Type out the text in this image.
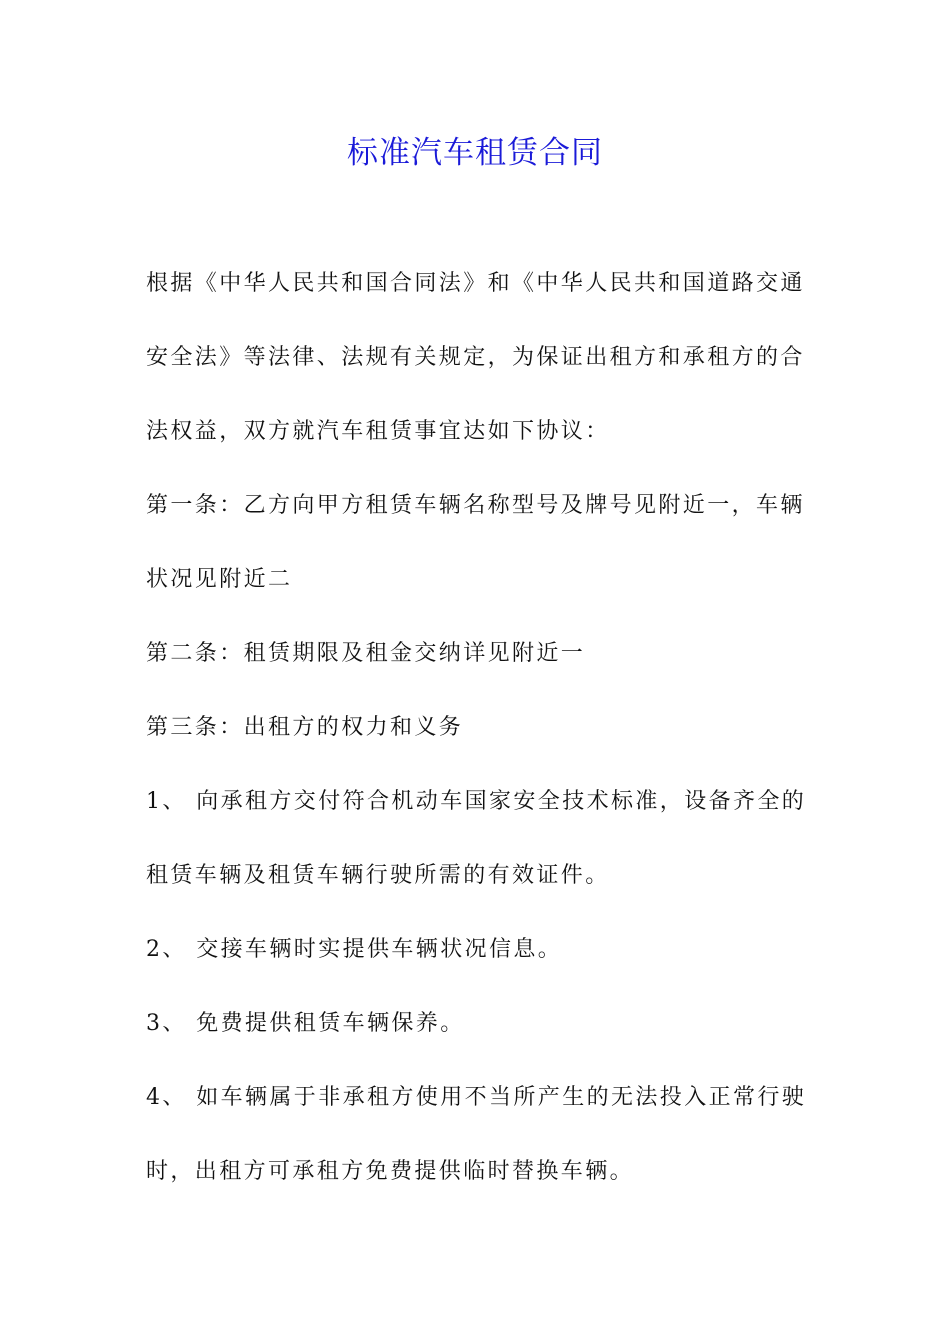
标准汽车租赁合同
根据《中华人民共和国合同法》和《中华人民共和国道路交通
安全法》等法律、法规有关规定，为保证出租方和承租方的合
法权益，双方就汽车租赁事宜达如下协议：
第一条：乙方向甲方租赁车辆名称型号及牌号见附近一，车辆
状况见附近二
第二条：租赁期限及租金交纳详见附近一
第三条：出租方的权力和义务
1、 向承租方交付符合机动车国家安全技术标准，设备齐全的
租赁车辆及租赁车辆行驶所需的有效证件。
2、 交接车辆时实提供车辆状况信息。
3、 免费提供租赁车辆保养。
4、 如车辆属于非承租方使用不当所产生的无法投入正常行驶
时，出租方可承租方免费提供临时替换车辆。
